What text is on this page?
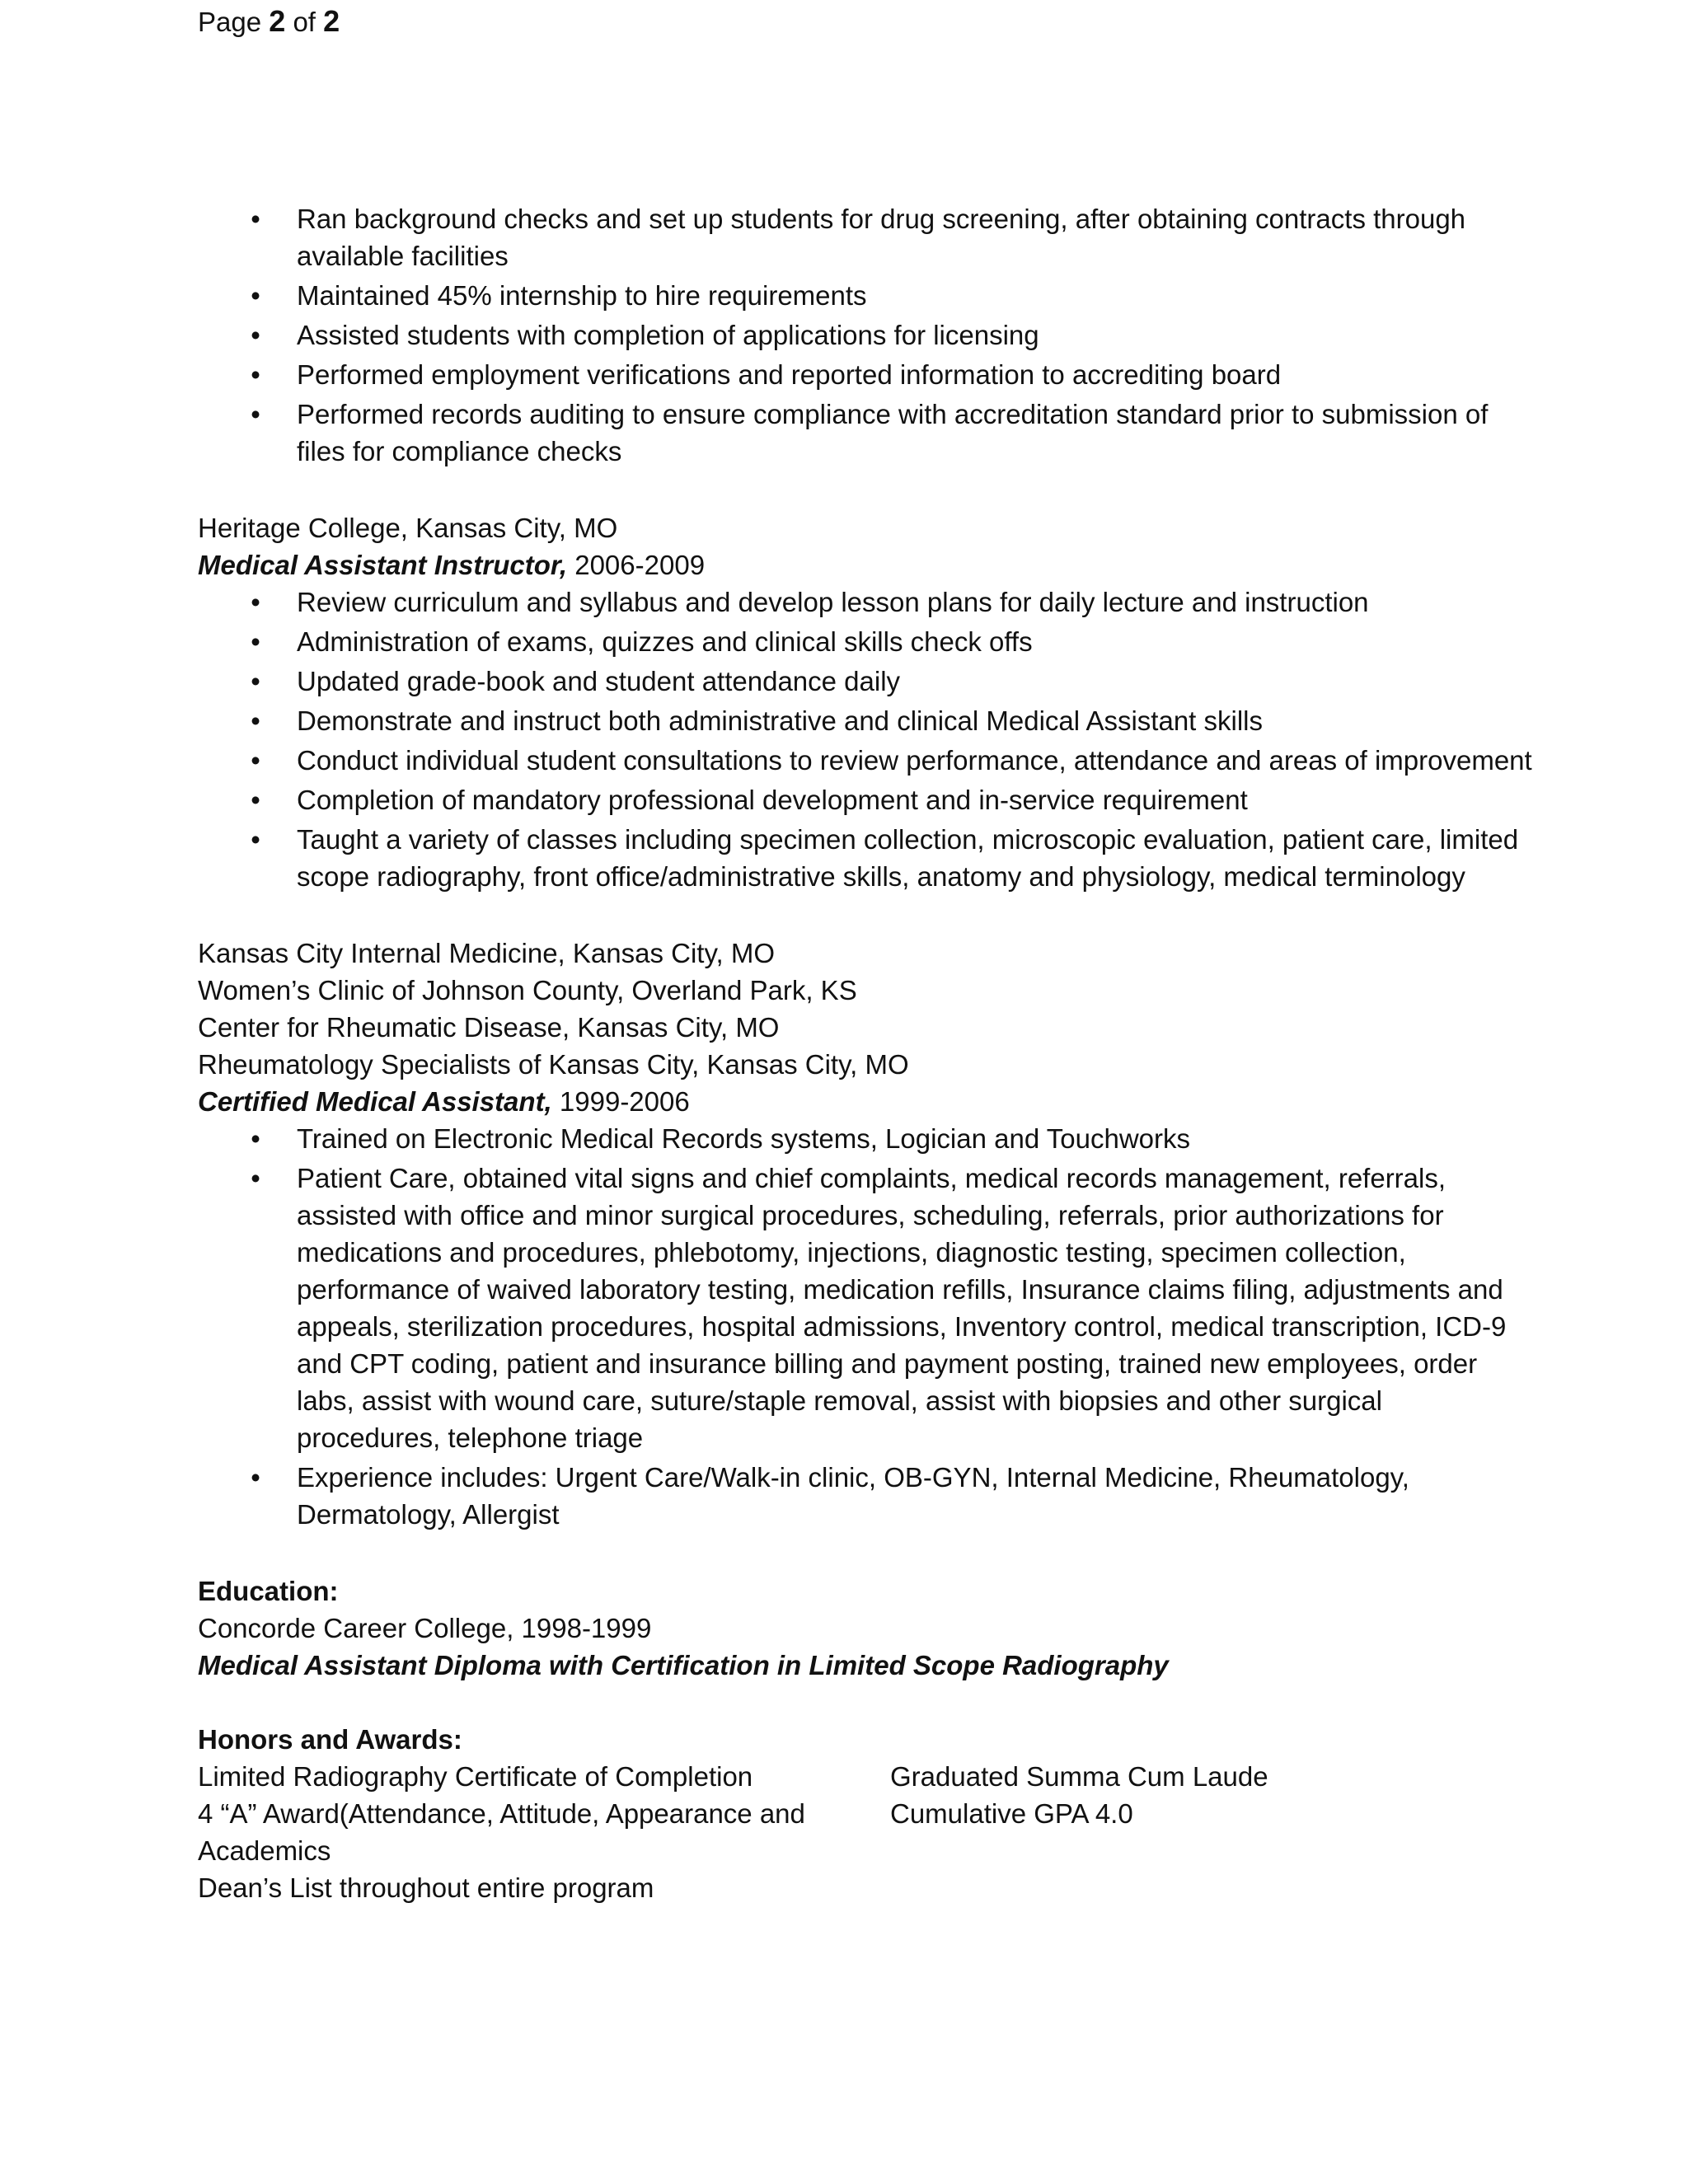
Page 2 of 2
• Ran background checks and set up students for drug screening, after obtaining contracts through available facilities
• Maintained 45% internship to hire requirements
• Assisted students with completion of applications for licensing
• Performed employment verifications and reported information to accrediting board
• Performed records auditing to ensure compliance with accreditation standard prior to submission of files for compliance checks
Heritage College, Kansas City, MO
Medical Assistant Instructor, 2006-2009
• Review curriculum and syllabus and develop lesson plans for daily lecture and instruction
• Administration of exams, quizzes and clinical skills check offs
• Updated grade-book and student attendance daily
• Demonstrate and instruct both administrative and clinical Medical Assistant skills
• Conduct individual student consultations to review performance, attendance and areas of improvement
• Completion of mandatory professional development and in-service requirement
• Taught a variety of classes including specimen collection, microscopic evaluation, patient care, limited scope radiography, front office/administrative skills, anatomy and physiology, medical terminology
Kansas City Internal Medicine, Kansas City, MO
Women’s Clinic of Johnson County, Overland Park, KS
Center for Rheumatic Disease, Kansas City, MO
Rheumatology Specialists of Kansas City, Kansas City, MO
Certified Medical Assistant, 1999-2006
• Trained on Electronic Medical Records systems, Logician and Touchworks
• Patient Care, obtained vital signs and chief complaints, medical records management, referrals, assisted with office and minor surgical procedures, scheduling, referrals, prior authorizations for medications and procedures, phlebotomy, injections, diagnostic testing, specimen collection, performance of waived laboratory testing, medication refills, Insurance claims filing, adjustments and appeals, sterilization procedures, hospital admissions, Inventory control, medical transcription, ICD-9 and CPT coding, patient and insurance billing and payment posting, trained new employees, order labs, assist with wound care, suture/staple removal, assist with biopsies and other surgical procedures, telephone triage
• Experience includes: Urgent Care/Walk-in clinic, OB-GYN, Internal Medicine, Rheumatology, Dermatology, Allergist
Education:
Concorde Career College, 1998-1999
Medical Assistant Diploma with Certification in Limited Scope Radiography
Honors and Awards:
Limited Radiography Certificate of Completion
4 “A” Award(Attendance, Attitude, Appearance and Academics
Dean’s List throughout entire program
Graduated Summa Cum Laude
Cumulative GPA 4.0
